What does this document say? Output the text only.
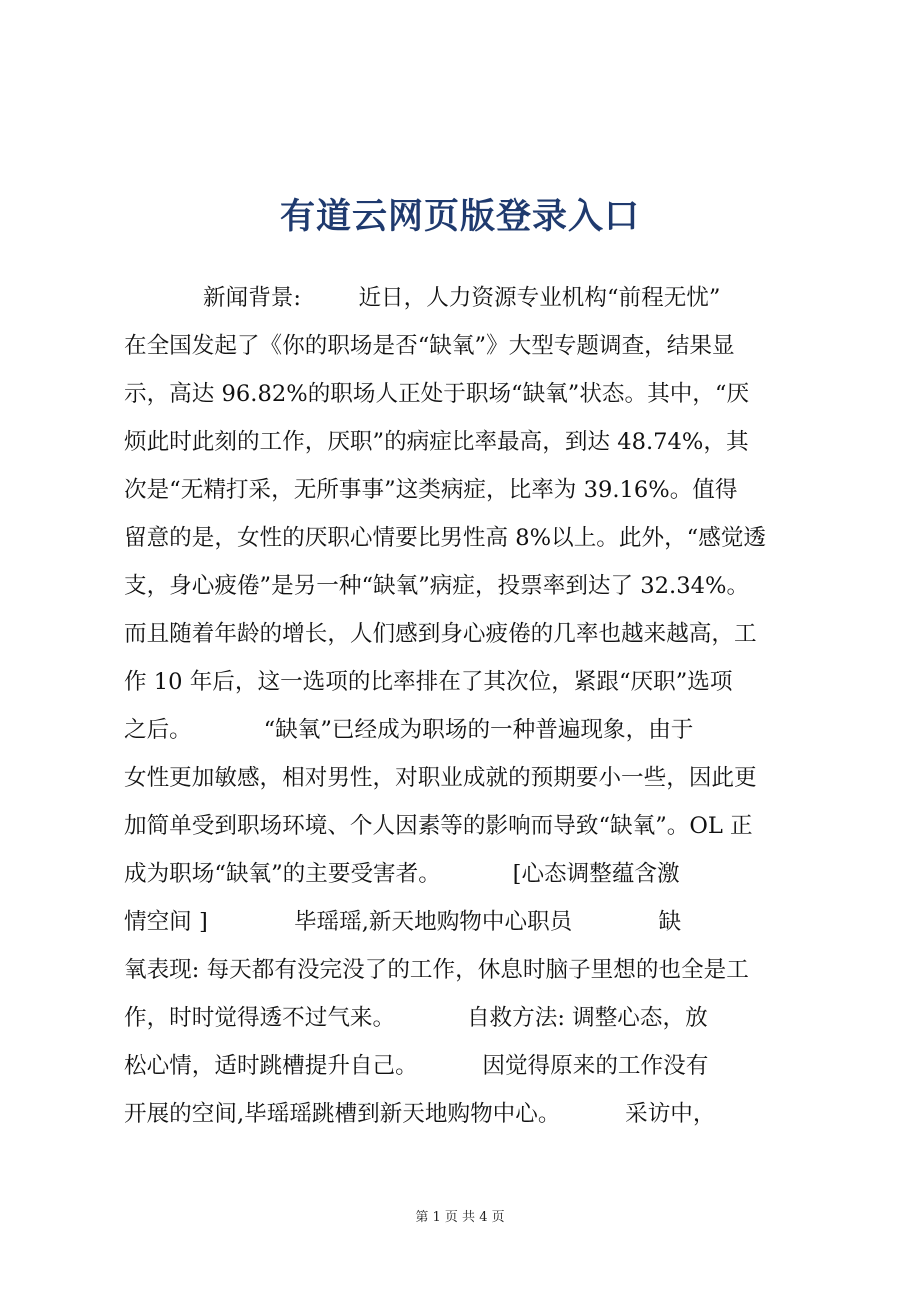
有道云网页版登录入口
新闻背景:        近日，人力资源专业机构“前程无忧”
在全国发起了《你的职场是否“缺氧”》大型专题调查，结果显
示，高达 96.82%的职场人正处于职场“缺氧”状态。其中，“厌
烦此时此刻的工作，厌职”的病症比率最高，到达 48.74%，其
次是“无精打采，无所事事”这类病症，比率为 39.16%。值得
留意的是，女性的厌职心情要比男性高 8%以上。此外，“感觉透
支，身心疲倦”是另一种“缺氧”病症，投票率到达了 32.34%。
而且随着年龄的增长，人们感到身心疲倦的几率也越来越高，工
作 10 年后，这一选项的比率排在了其次位，紧跟“厌职”选项
之后。          “缺氧”已经成为职场的一种普遍现象，由于
女性更加敏感，相对男性，对职业成就的预期要小一些，因此更
加简单受到职场环境、个人因素等的影响而导致“缺氧”。OL 正
成为职场“缺氧”的主要受害者。          [心态调整蕴含激
情空间 ]            毕瑶瑶,新天地购物中心职员            缺
氧表现: 每天都有没完没了的工作，休息时脑子里想的也全是工
作，时时觉得透不过气来。          自救方法: 调整心态，放
松心情，适时跳槽提升自己。         因觉得原来的工作没有
开展的空间,毕瑶瑶跳槽到新天地购物中心。         采访中，
第 1 页 共 4 页
